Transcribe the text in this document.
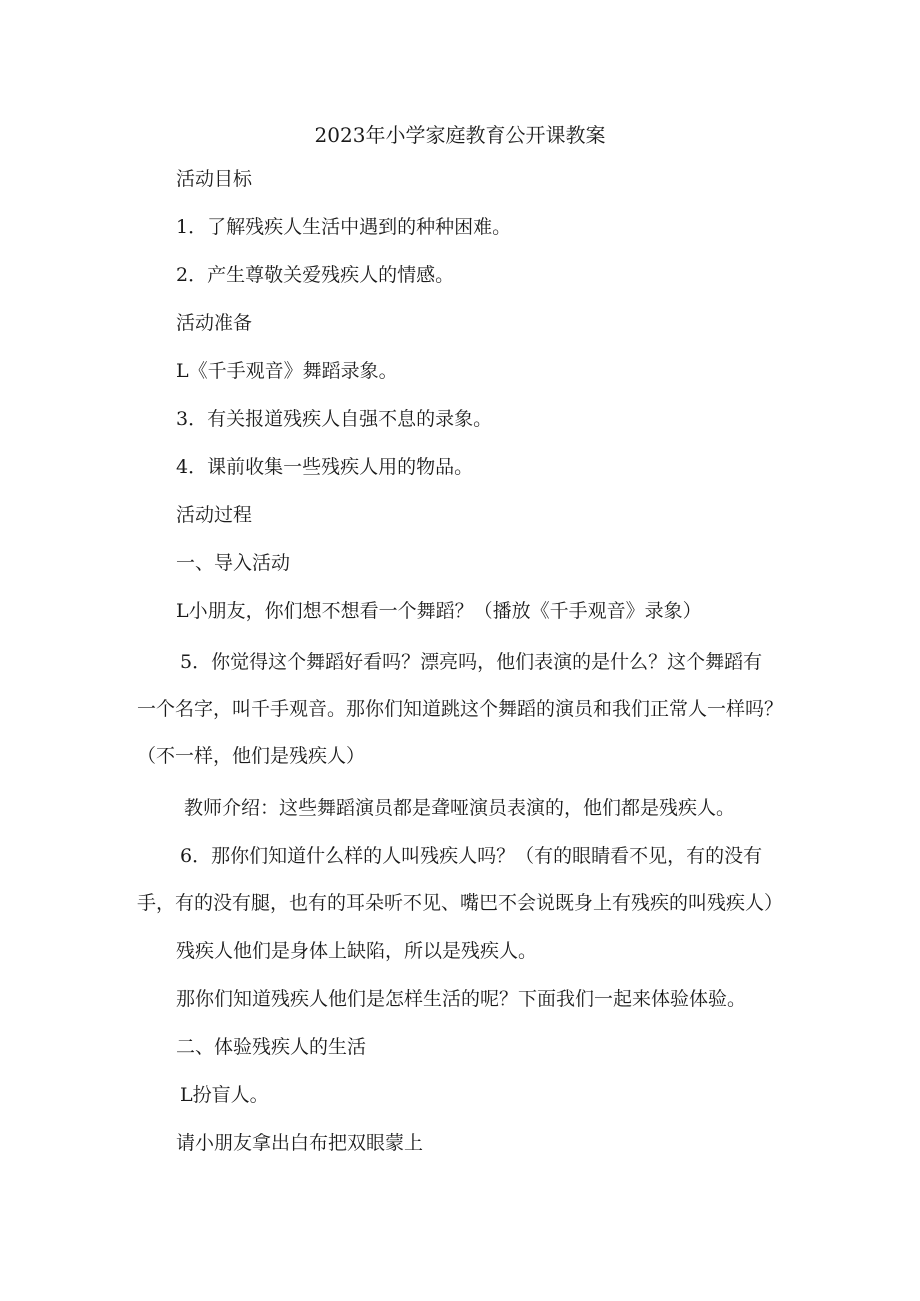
2023年小学家庭教育公开课教案
活动目标
1．了解残疾人生活中遇到的种种困难。
2．产生尊敬关爱残疾人的情感。
活动准备
L《千手观音》舞蹈录象。
3．有关报道残疾人自强不息的录象。
4．课前收集一些残疾人用的物品。
活动过程
一、导入活动
L小朋友，你们想不想看一个舞蹈？（播放《千手观音》录象）
5．你觉得这个舞蹈好看吗？漂亮吗，他们表演的是什么？这个舞蹈有
一个名字，叫千手观音。那你们知道跳这个舞蹈的演员和我们正常人一样吗？
（不一样，他们是残疾人）
教师介绍：这些舞蹈演员都是聋哑演员表演的，他们都是残疾人。
6．那你们知道什么样的人叫残疾人吗？（有的眼睛看不见，有的没有
手，有的没有腿，也有的耳朵听不见、嘴巴不会说既身上有残疾的叫残疾人）
残疾人他们是身体上缺陷，所以是残疾人。
那你们知道残疾人他们是怎样生活的呢？下面我们一起来体验体验。
二、体验残疾人的生活
L扮盲人。
请小朋友拿出白布把双眼蒙上
